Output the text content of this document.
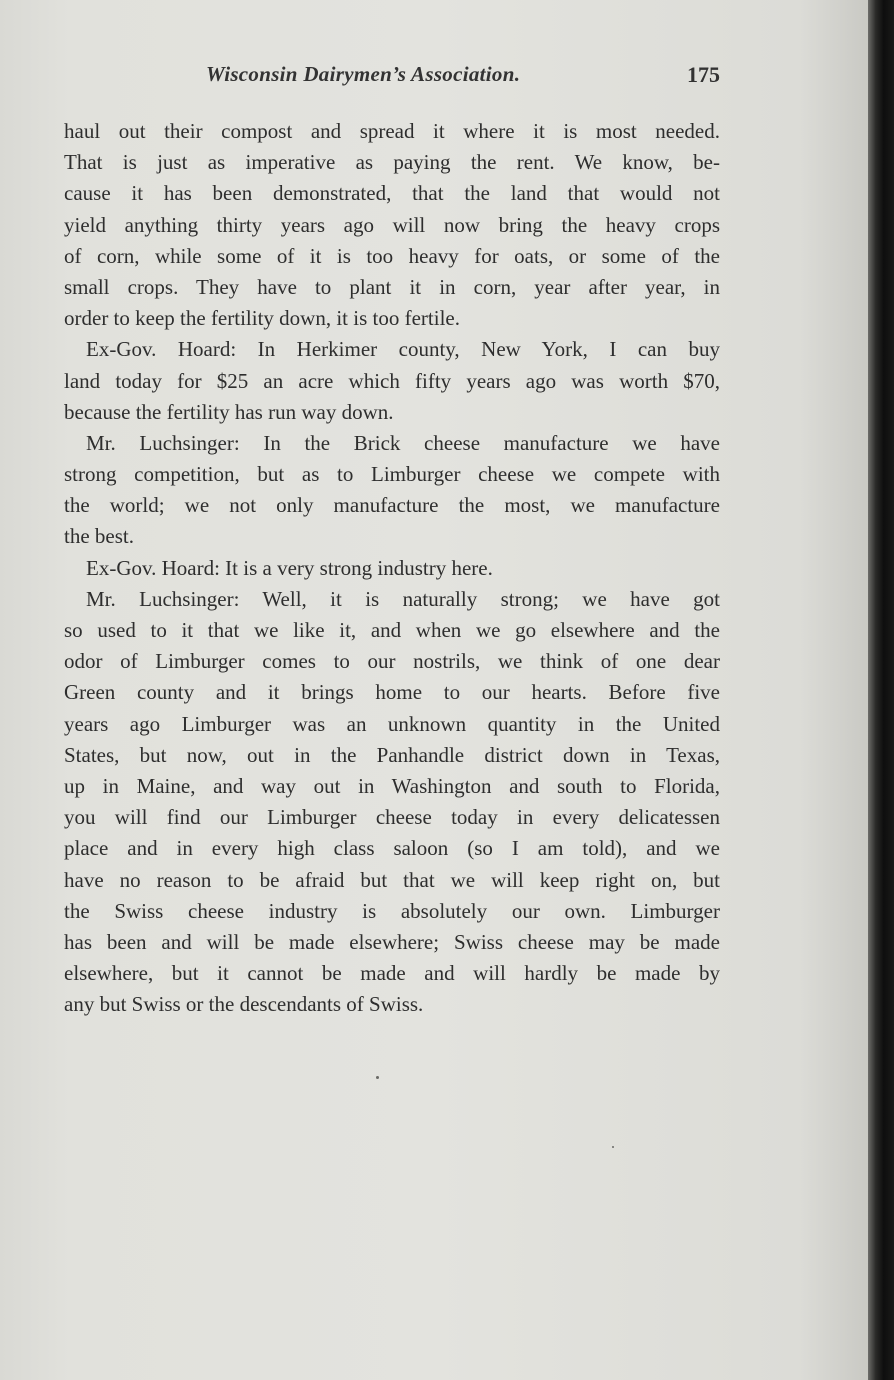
Wisconsin Dairymen’s Association.	175
haul out their compost and spread it where it is most needed.
That is just as imperative as paying the rent. We know, be-
cause it has been demonstrated, that the land that would not
yield anything thirty years ago will now bring the heavy crops
of corn, while some of it is too heavy for oats, or some of the
small crops. They have to plant it in corn, year after year, in
order to keep the fertility down, it is too fertile.
Ex-Gov. Hoard: In Herkimer county, New York, I can buy
land today for $25 an acre which fifty years ago was worth $70,
because the fertility has run way down.
Mr. Luchsinger: In the Brick cheese manufacture we have
strong competition, but as to Limburger cheese we compete with
the world; we not only manufacture the most, we manufacture
the best.
Ex-Gov. Hoard: It is a very strong industry here.
Mr. Luchsinger: Well, it is naturally strong; we have got
so used to it that we like it, and when we go elsewhere and the
odor of Limburger comes to our nostrils, we think of one dear
Green county and it brings home to our hearts. Before five
years ago Limburger was an unknown quantity in the United
States, but now, out in the Panhandle district down in Texas,
up in Maine, and way out in Washington and south to Florida,
you will find our Limburger cheese today in every delicatessen
place and in every high class saloon (so I am told), and we
have no reason to be afraid but that we will keep right on, but
the Swiss cheese industry is absolutely our own. Limburger
has been and will be made elsewhere; Swiss cheese may be made
elsewhere, but it cannot be made and will hardly be made by
any but Swiss or the descendants of Swiss.
